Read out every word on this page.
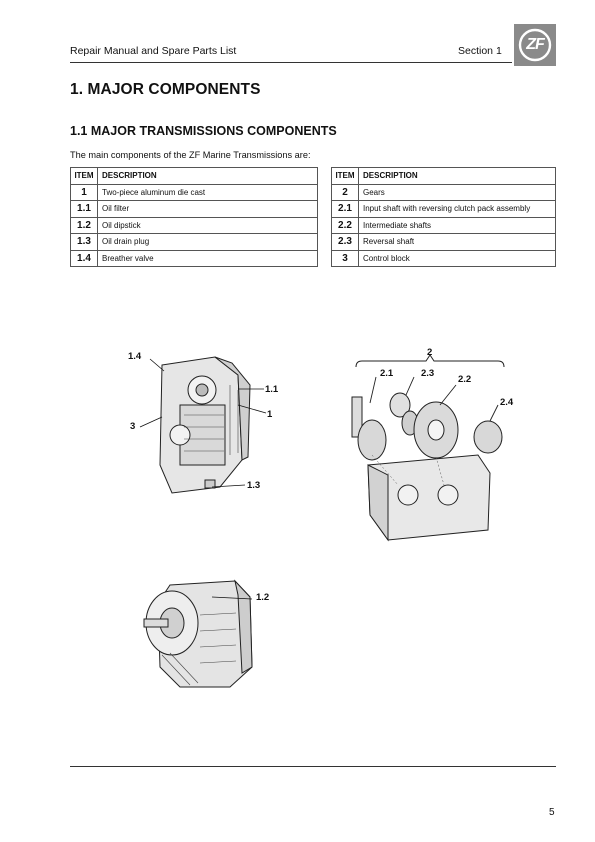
Repair Manual and Spare Parts List	Section 1	ZF
1. MAJOR COMPONENTS
1.1 MAJOR TRANSMISSIONS COMPONENTS
The main components of the ZF Marine Transmissions are:
ITEM	DESCRIPTION
1	Two-piece aluminum die cast
1.1	Oil filter
1.2	Oil dipstick
1.3	Oil drain plug
1.4	Breather valve
ITEM	DESCRIPTION
2	Gears
2.1	Input shaft with reversing clutch pack assembly
2.2	Intermediate shafts
2.3	Reversal shaft
3	Control block
1.4
1.1
1
3
1.3
2
2.1	2.3
2.2
2.4
1.2
5
